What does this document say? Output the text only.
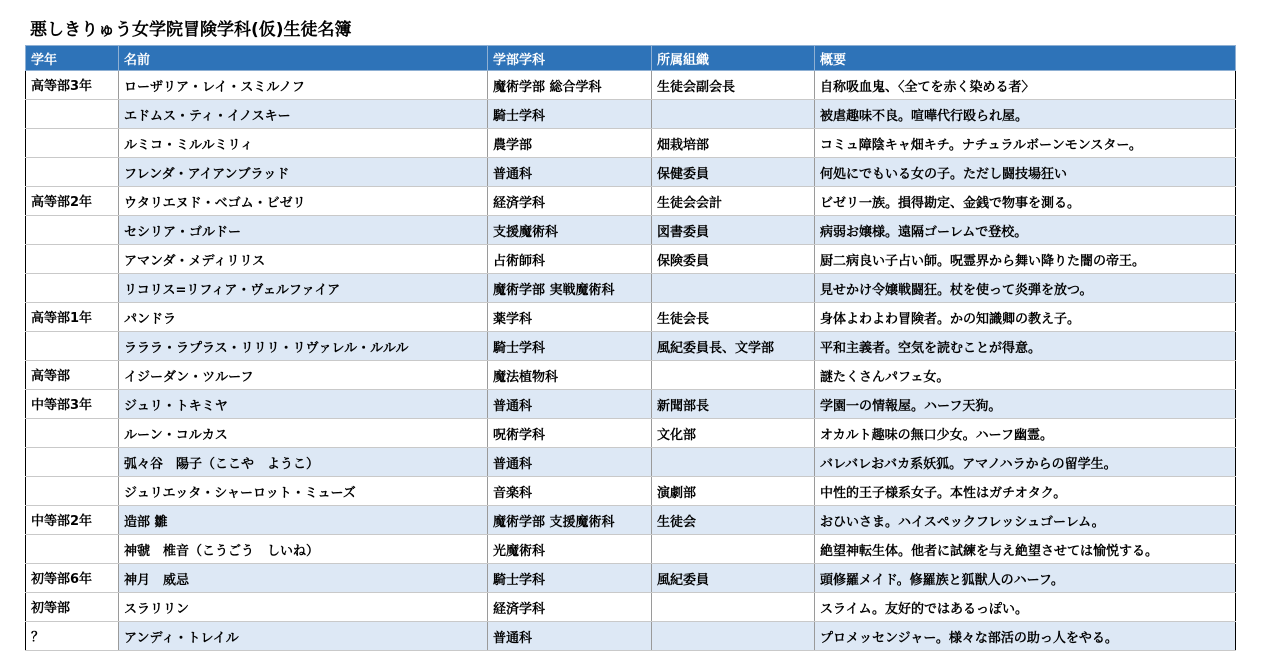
悪しきりゅう女学院冒険学科(仮)生徒名簿
学年	名前	学部学科	所属組織	概要
高等部3年	ローザリア・レイ・スミルノフ	魔術学部 総合学科	生徒会副会長	自称吸血鬼、〈全てを赤く染める者〉
	エドムス・ティ・イノスキー	騎士学科		被虐趣味不良。喧嘩代行殴られ屋。
	ルミコ・ミルルミリィ	農学部	畑栽培部	コミュ障陰キャ畑キチ。ナチュラルボーンモンスター。
	フレンダ・アイアンブラッド	普通科	保健委員	何処にでもいる女の子。ただし闘技場狂い
高等部2年	ウタリエヌド・ベゴム・ビゼリ	経済学科	生徒会会計	ビゼリ一族。損得勘定、金銭で物事を測る。
	セシリア・ゴルドー	支援魔術科	図書委員	病弱お嬢様。遠隔ゴーレムで登校。
	アマンダ・メディリリス	占術師科	保険委員	厨二病良い子占い師。呪霊界から舞い降りた闇の帝王。
	リコリス=リフィア・ヴェルファイア	魔術学部 実戦魔術科		見せかけ令嬢戦闘狂。杖を使って炎弾を放つ。
高等部1年	パンドラ	薬学科	生徒会長	身体よわよわ冒険者。かの知識卿の教え子。
	ラララ・ラプラス・リリリ・リヴァレル・ルルル	騎士学科	風紀委員長、文学部	平和主義者。空気を読むことが得意。
高等部	イジーダン・ツルーフ	魔法植物科		謎たくさんパフェ女。
中等部3年	ジュリ・トキミヤ	普通科	新聞部長	学園一の情報屋。ハーフ天狗。
	ルーン・コルカス	呪術学科	文化部	オカルト趣味の無口少女。ハーフ幽霊。
	弧々谷　陽子（ここや　ようこ）	普通科		バレバレおバカ系妖狐。アマノハラからの留学生。
	ジュリエッタ・シャーロット・ミューズ	音楽科	演劇部	中性的王子様系女子。本性はガチオタク。
中等部2年	造部 雛	魔術学部 支援魔術科	生徒会	おひいさま。ハイスペックフレッシュゴーレム。
	神虢　椎音（こうごう　しいね）	光魔術科		絶望神転生体。他者に試練を与え絶望させては愉悦する。
初等部6年	神月　威忌	騎士学科	風紀委員	頭修羅メイド。修羅族と狐獣人のハーフ。
初等部	スラリリン	経済学科		スライム。友好的ではあるっぽい。
？	アンディ・トレイル	普通科		プロメッセンジャー。様々な部活の助っ人をやる。
